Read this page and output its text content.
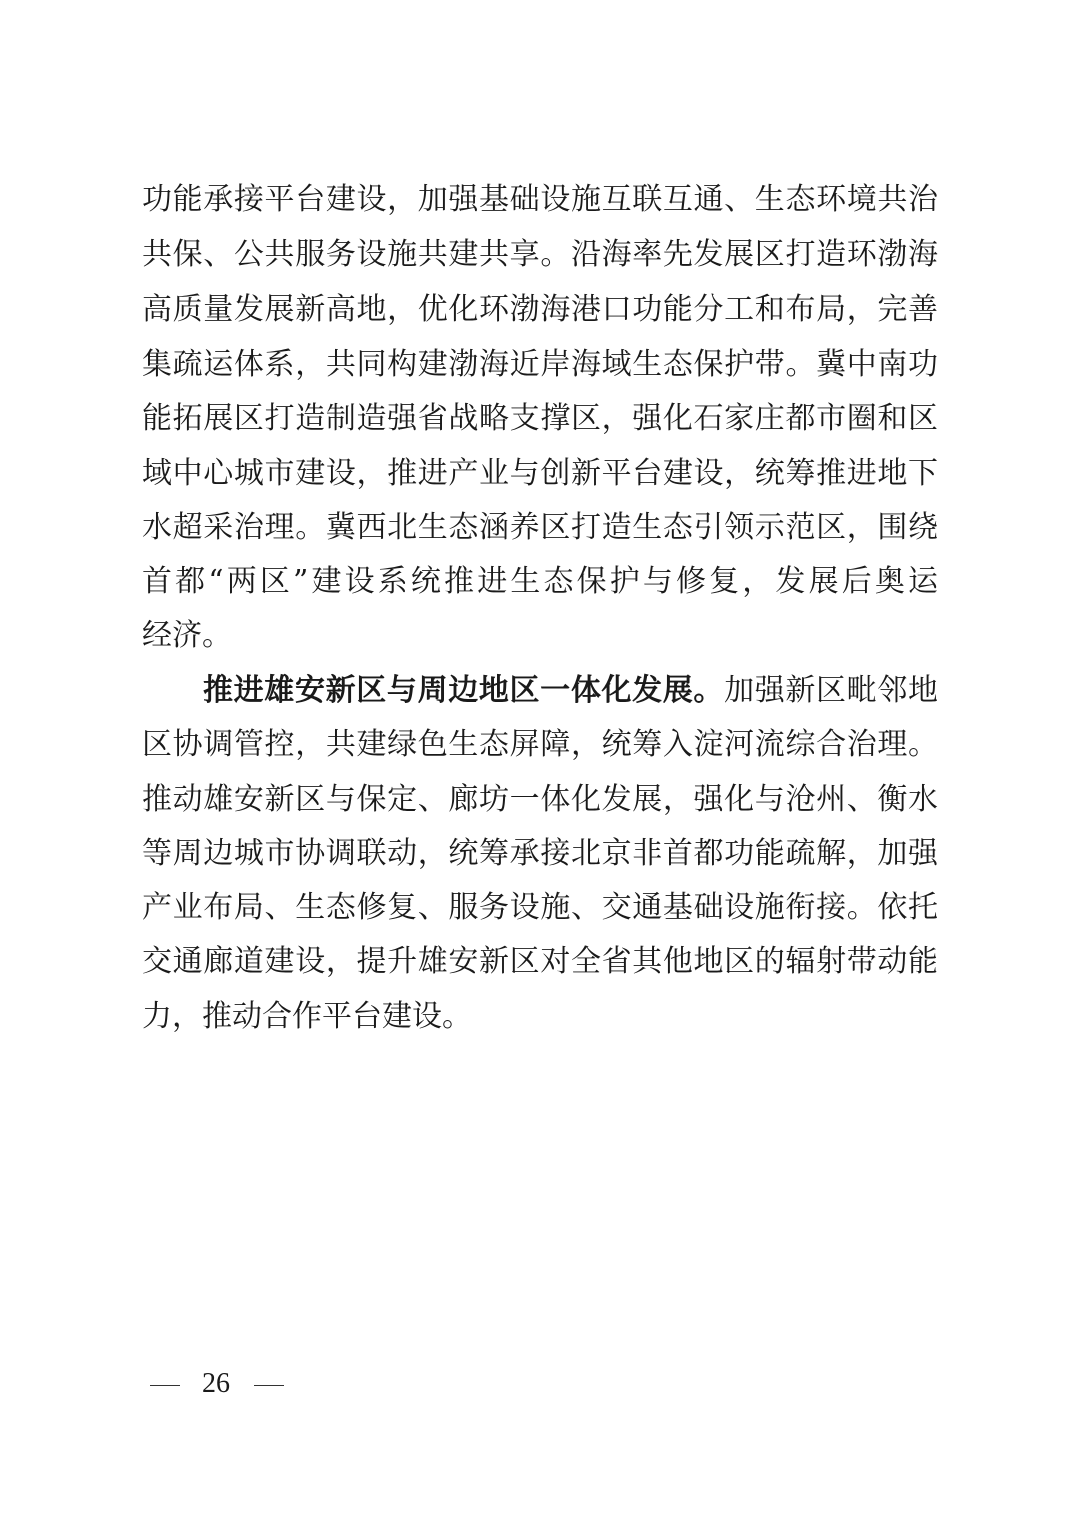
功能承接平台建设，加强基础设施互联互通、生态环境共治
共保、公共服务设施共建共享。沿海率先发展区打造环渤海
高质量发展新高地，优化环渤海港口功能分工和布局，完善
集疏运体系，共同构建渤海近岸海域生态保护带。冀中南功
能拓展区打造制造强省战略支撑区，强化石家庄都市圈和区
域中心城市建设，推进产业与创新平台建设，统筹推进地下
水超采治理。冀西北生态涵养区打造生态引领示范区，围绕
首都“两区”建设系统推进生态保护与修复，发展后奥运
经济。
推进雄安新区与周边地区一体化发展。加强新区毗邻地
区协调管控，共建绿色生态屏障，统筹入淀河流综合治理。
推动雄安新区与保定、廊坊一体化发展，强化与沧州、衡水
等周边城市协调联动，统筹承接北京非首都功能疏解，加强
产业布局、生态修复、服务设施、交通基础设施衔接。依托
交通廊道建设，提升雄安新区对全省其他地区的辐射带动能
力，推动合作平台建设。
26
